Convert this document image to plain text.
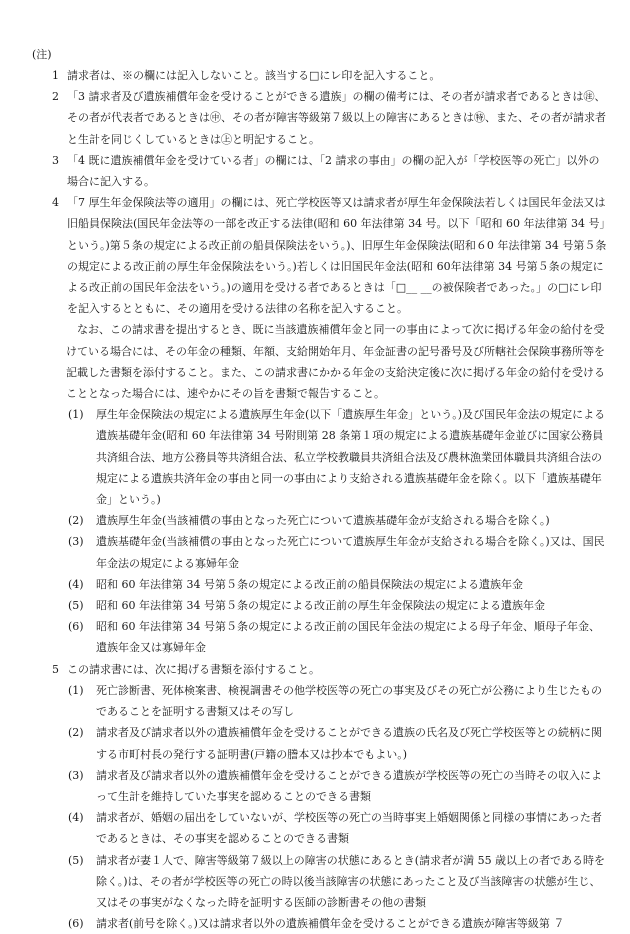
(注)
1 請求者は、※の欄には記入しないこと。該当する□にレ印を記入すること。
2 「3 請求者及び遺族補償年金を受けることができる遺族」の欄の備考には、その者が請求者であるときは㊟、その者が代表者であるときは㊥、その者が障害等級第７級以上の障害にあるときは㊕、また、その者が請求者と生計を同じくしているときは㊤と明記すること。
3 「4 既に遺族補償年金を受けている者」の欄には、「2 請求の事由」の欄の記入が「学校医等の死亡」以外の場合に記入する。
4 「7 厚生年金保険法等の適用」の欄には、死亡学校医等又は請求者が厚生年金保険法若しくは国民年金法又は旧船員保険法(国民年金法等の一部を改正する法律(昭和 60 年法律第 34 号。以下「昭和 60 年法律第 34 号」という。)第５条の規定による改正前の船員保険法をいう。)、旧厚生年金保険法(昭和６0 年法律第 34 号第５条の規定による改正前の厚生年金保険法をいう。)若しくは旧国民年金法(昭和 60年法律第 34 号第５条の規定による改正前の国民年金法をいう。)の適用を受ける者であるときは「□__ __の被保険者であった。」の□にレ印を記入するとともに、その適用を受ける法律の名称を記入すること。
なお、この請求書を提出するとき、既に当該遺族補償年金と同一の事由によって次に掲げる年金の給付を受けている場合には、その年金の種類、年額、支給開始年月、年金証書の記号番号及び所轄社会保険事務所等を記載した書類を添付すること。また、この請求書にかかる年金の支給決定後に次に掲げる年金の給付を受けることとなった場合には、速やかにその旨を書類で報告すること。
(1) 厚生年金保険法の規定による遺族厚生年金(以下「遺族厚生年金」という。)及び国民年金法の規定による遺族基礎年金(昭和 60 年法律第 34 号附則第 28 条第１項の規定による遺族基礎年金並びに国家公務員共済組合法、地方公務員等共済組合法、私立学校教職員共済組合法及び農林漁業団体職員共済組合法の規定による遺族共済年金の事由と同一の事由により支給される遺族基礎年金を除く。以下「遺族基礎年金」という。)
(2) 遺族厚生年金(当該補償の事由となった死亡について遺族基礎年金が支給される場合を除く。)
(3) 遺族基礎年金(当該補償の事由となった死亡について遺族厚生年金が支給される場合を除く。)又は、国民年金法の規定による寡婦年金
(4) 昭和 60 年法律第 34 号第５条の規定による改正前の船員保険法の規定による遺族年金
(5) 昭和 60 年法律第 34 号第５条の規定による改正前の厚生年金保険法の規定による遺族年金
(6) 昭和 60 年法律第 34 号第５条の規定による改正前の国民年金法の規定による母子年金、順母子年金、遺族年金又は寡婦年金
5 この請求書には、次に掲げる書類を添付すること。
(1) 死亡診断書、死体検案書、検視調書その他学校医等の死亡の事実及びその死亡が公務により生じたものであることを証明する書類又はその写し
(2) 請求者及び請求者以外の遺族補償年金を受けることができる遺族の氏名及び死亡学校医等との続柄に関する市町村長の発行する証明書(戸籍の謄本又は抄本でもよい。)
(3) 請求者及び請求者以外の遺族補償年金を受けることができる遺族が学校医等の死亡の当時その収入によって生計を維持していた事実を認めることのできる書類
(4) 請求者が、婚姻の届出をしていないが、学校医等の死亡の当時事実上婚姻関係と同様の事情にあった者であるときは、その事実を認めることのできる書類
(5) 請求者が妻１人で、障害等級第７級以上の障害の状態にあるとき(請求者が満 55 歳以上の者である時を除く。)は、その者が学校医等の死亡の時以後当該障害の状態にあったこと及び当該障害の状態が生じ、又はその事実がなくなった時を証明する医師の診断書その他の書類
(6) 請求者(前号を除く。)又は請求者以外の遺族補償年金を受けることができる遺族が障害等級第 ７
